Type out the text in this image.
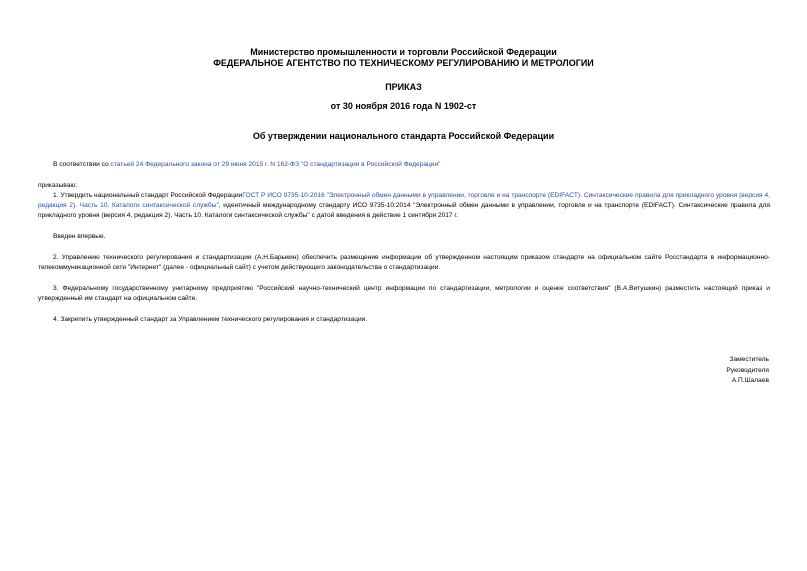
Министерство промышленности и торговли Российской Федерации
ФЕДЕРАЛЬНОЕ АГЕНТСТВО ПО ТЕХНИЧЕСКОМУ РЕГУЛИРОВАНИЮ И МЕТРОЛОГИИ
ПРИКАЗ
от 30 ноября 2016 года N 1902-ст
Об утверждении национального стандарта Российской Федерации
В соответствии со статьей 24 Федерального закона от 29 июня 2015 г. N 162-ФЗ "О стандартизации в Российской Федерации"
приказываю:
1. Утвердить национальный стандарт Российской ФедерацииГОСТ Р ИСО 9735-10-2016 "Электронный обмен данными в управлении, торговле и на транспорте (EDIFACT). Синтаксические правила для прикладного уровня (версия 4, редакция 2). Часть 10. Каталоги синтаксической службы", идентичный международному стандарту ИСО 9735-10:2014 "Электронный обмен данными в управлении, торговле и на транспорте (EDIFACT). Синтаксические правила для прикладного уровня (версия 4, редакция 2). Часть 10. Каталоги синтаксической службы" с датой введения в действие 1 сентября 2017 г.
Введен впервые.
2. Управлению технического регулирования и стандартизации (А.Н.Барыкин) обеспечить размещение информации об утвержденном настоящим приказом стандарте на официальном сайте Росстандарта в информационно-телекоммуникационной сети "Интернет" (далее - официальный сайт) с учетом действующего законодательства о стандартизации.
3. Федеральному государственному унитарному предприятию "Российский научно-технический центр информации по стандартизации, метрологии и оценке соответствия" (В.А.Витушкин) разместить настоящий приказ и утвержденный им стандарт на официальном сайте.
4. Закрепить утвержденный стандарт за Управлением технического регулирования и стандартизации.
Заместитель
Руководителя
А.П.Шалаев
